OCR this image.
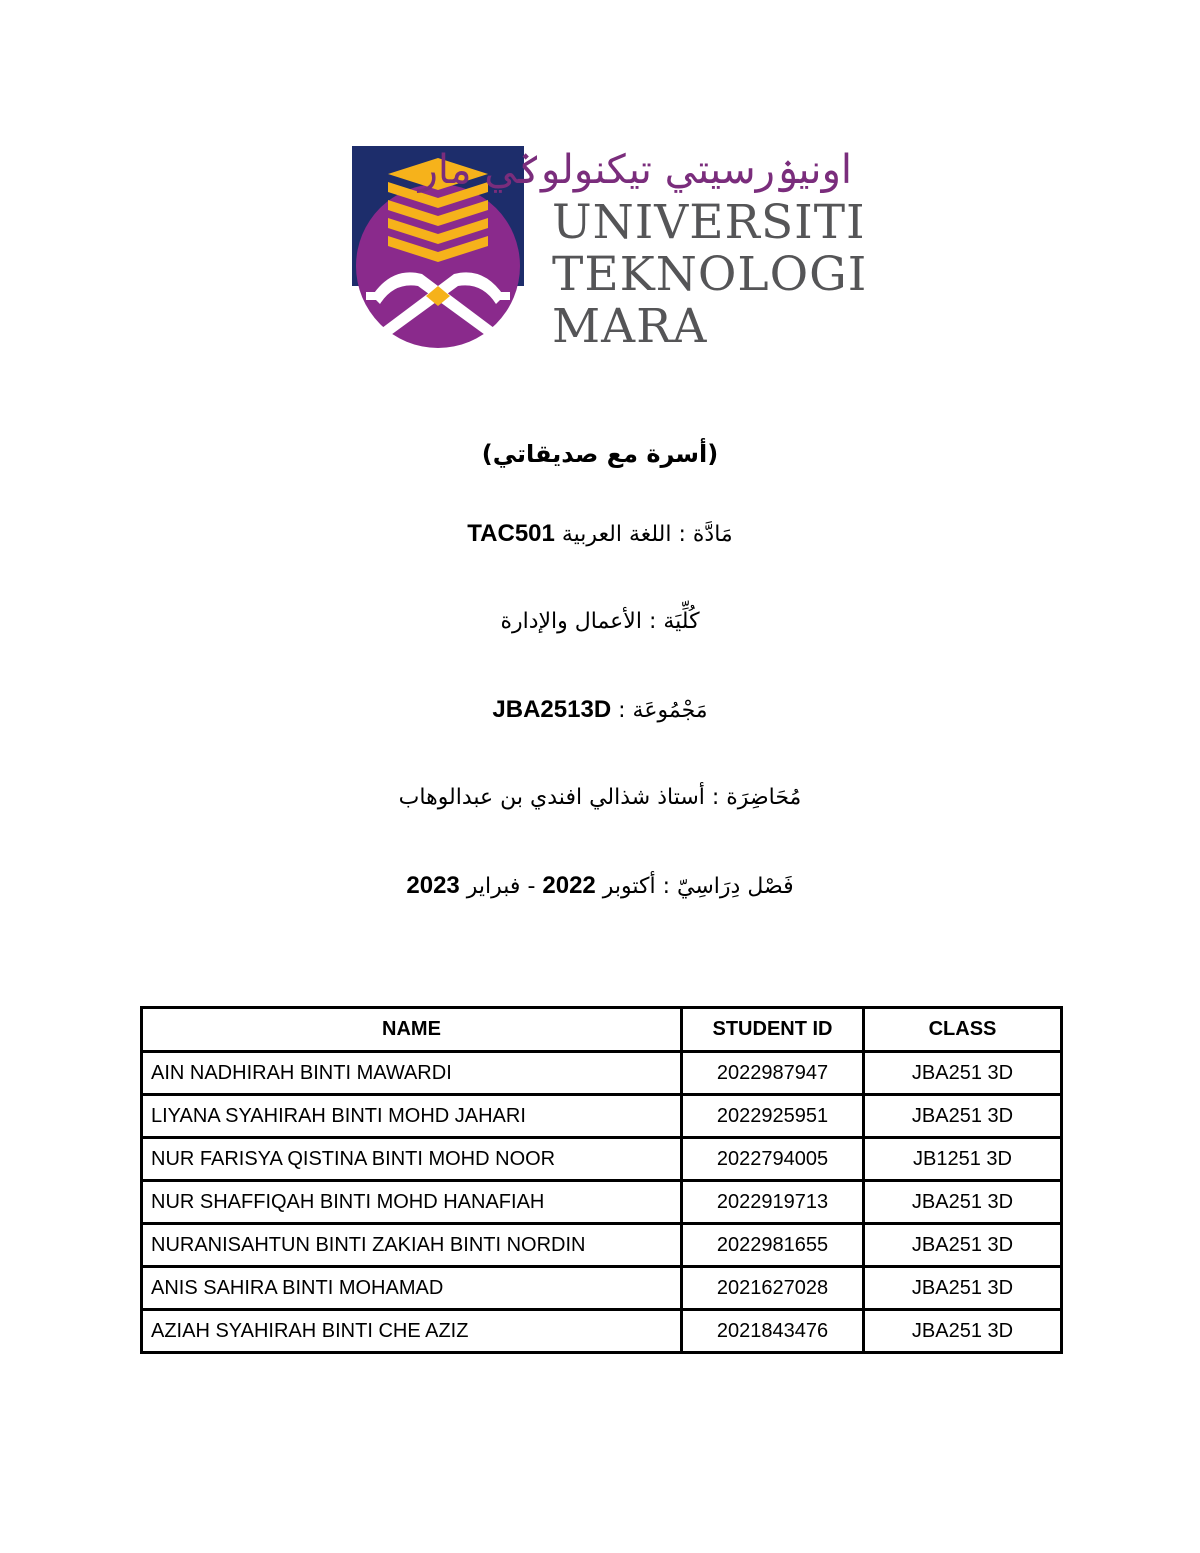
اونيۏرسيتي تيكنولوݢي مار
UNIVERSITI
TEKNOLOGI
MARA
(أسرة مع صديقاتي)
مَادَّة : اللغة العربية TAC501
كُلِّيَة : الأعمال والإدارة
مَجْمُوعَة : JBA2513D
مُحَاضِرَة : أستاذ شذالي افندي بن عبدالوهاب
فَصْل دِرَاسِيّ : أكتوبر 2022 - فبراير 2023
NAME	STUDENT ID	CLASS
AIN NADHIRAH BINTI MAWARDI	2022987947	JBA251 3D
LIYANA SYAHIRAH BINTI MOHD JAHARI	2022925951	JBA251 3D
NUR FARISYA QISTINA BINTI MOHD NOOR	2022794005	JB1251 3D
NUR SHAFFIQAH BINTI MOHD HANAFIAH	2022919713	JBA251 3D
NURANISAHTUN BINTI ZAKIAH BINTI NORDIN	2022981655	JBA251 3D
ANIS SAHIRA BINTI MOHAMAD	2021627028	JBA251 3D
AZIAH SYAHIRAH BINTI CHE AZIZ	2021843476	JBA251 3D
